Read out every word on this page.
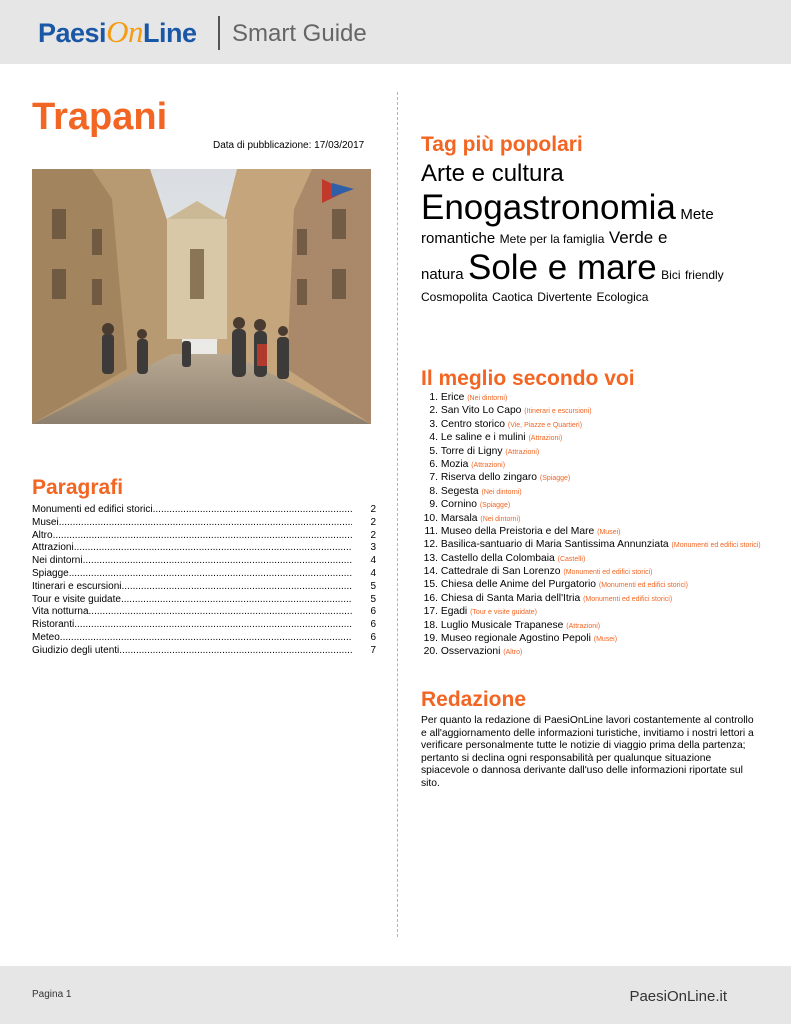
PaesiOnLine Smart Guide
Trapani
Data di pubblicazione: 17/03/2017
Paragrafi
Monumenti ed edifici storici .....	2
Musei .....	2
Altro .....	2
Attrazioni .....	3
Nei dintorni .....	4
Spiagge .....	4
Itinerari e escursioni .....	5
Tour e visite guidate .....	5
Vita notturna .....	6
Ristoranti .....	6
Meteo .....	6
Giudizio degli utenti .....	7
Tag più popolari
Arte e cultura
Enogastronomia Mete
romantiche Mete per la famiglia Verde e
natura Sole e mare Bici friendly Cosmopolita Caotica Divertente Ecologica
Il meglio secondo voi
1. Erice (Nei dintorni)
2. San Vito Lo Capo (Itinerari e escursioni)
3. Centro storico (Vie, Piazze e Quartieri)
4. Le saline e i mulini (Attrazioni)
5. Torre di Ligny (Attrazioni)
6. Mozia (Attrazioni)
7. Riserva dello zingaro (Spiagge)
8. Segesta (Nei dintorni)
9. Cornino (Spiagge)
10. Marsala (Nei dintorni)
11. Museo della Preistoria e del Mare (Musei)
12. Basilica-santuario di Maria Santissima Annunziata (Monumenti ed edifici storici)
13. Castello della Colombaia (Castelli)
14. Cattedrale di San Lorenzo (Monumenti ed edifici storici)
15. Chiesa delle Anime del Purgatorio (Monumenti ed edifici storici)
16. Chiesa di Santa Maria dell'Itria (Monumenti ed edifici storici)
17. Egadi (Tour e visite guidate)
18. Luglio Musicale Trapanese (Attrazioni)
19. Museo regionale Agostino Pepoli (Musei)
20. Osservazioni (Altro)
Redazione
Per quanto la redazione di PaesiOnLine lavori costantemente al controllo e all'aggiornamento delle informazioni turistiche, invitiamo i nostri lettori a verificare personalmente tutte le notizie di viaggio prima della partenza; pertanto si declina ogni responsabilità per qualunque situazione spiacevole o dannosa derivante dall'uso delle informazioni riportate sul sito.
Pagina 1	PaesiOnLine.it
